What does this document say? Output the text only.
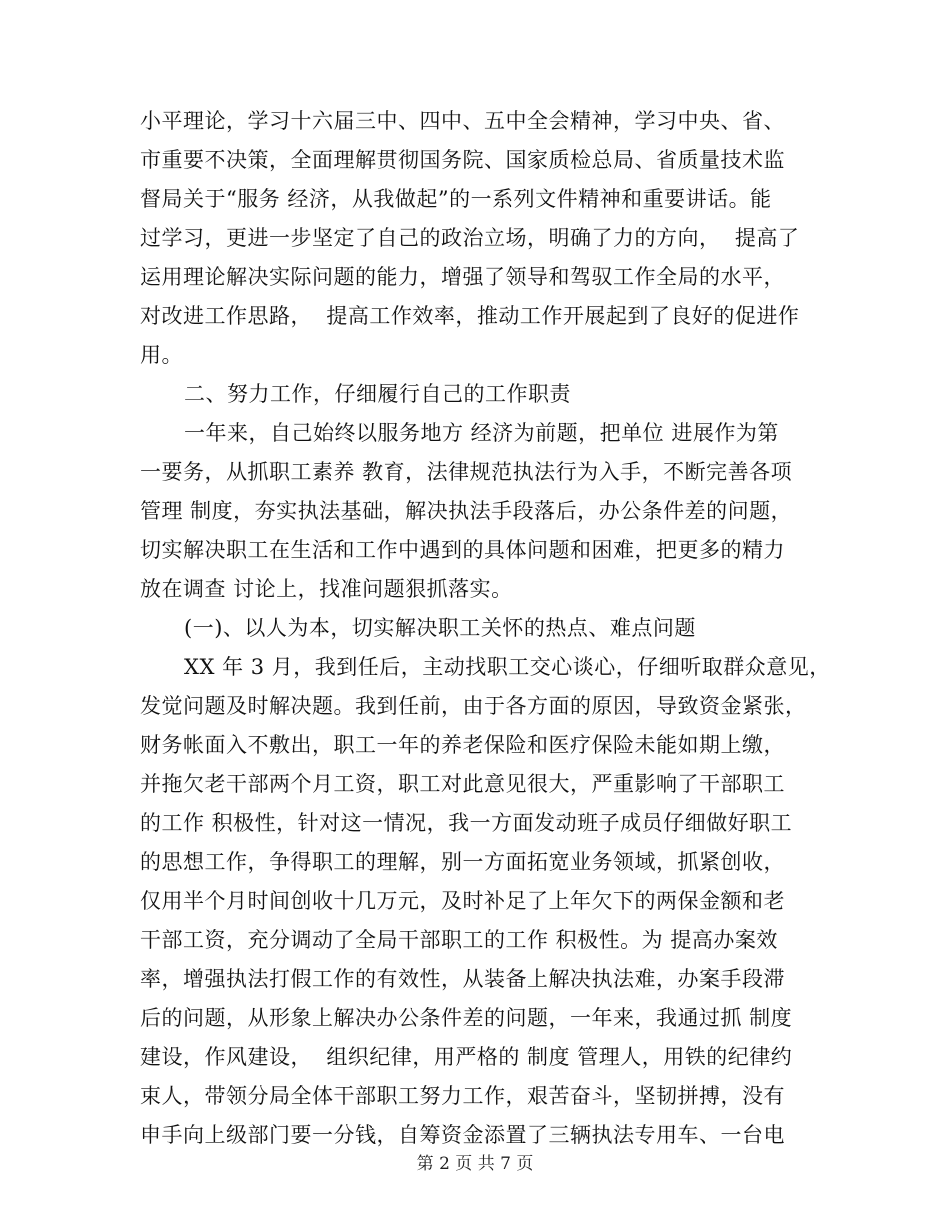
小平理论，学习十六届三中、四中、五中全会精神，学习中央、省、
市重要不决策，全面理解贯彻国务院、国家质检总局、省质量技术监
督局关于“服务 经济，从我做起”的一系列文件精神和重要讲话。能
过学习，更进一步坚定了自己的政治立场，明确了力的方向，  提高了
运用理论解决实际问题的能力，增强了领导和驾驭工作全局的水平，
对改进工作思路，  提高工作效率，推动工作开展起到了良好的促进作
用。
二、努力工作，仔细履行自己的工作职责
一年来，自己始终以服务地方 经济为前题，把单位 进展作为第
一要务，从抓职工素养 教育，法律规范执法行为入手，不断完善各项
管理 制度，夯实执法基础，解决执法手段落后，办公条件差的问题，
切实解决职工在生活和工作中遇到的具体问题和困难，把更多的精力
放在调查 讨论上，找准问题狠抓落实。
(一)、以人为本，切实解决职工关怀的热点、难点问题
XX 年 3 月，我到任后，主动找职工交心谈心，仔细听取群众意见，
发觉问题及时解决题。我到任前，由于各方面的原因，导致资金紧张，
财务帐面入不敷出，职工一年的养老保险和医疗保险未能如期上缴，
并拖欠老干部两个月工资，职工对此意见很大，严重影响了干部职工
的工作 积极性，针对这一情况，我一方面发动班子成员仔细做好职工
的思想工作，争得职工的理解，别一方面拓宽业务领域，抓紧创收，
仅用半个月时间创收十几万元，及时补足了上年欠下的两保金额和老
干部工资，充分调动了全局干部职工的工作 积极性。为 提高办案效
率，增强执法打假工作的有效性，从装备上解决执法难，办案手段滞
后的问题，从形象上解决办公条件差的问题，一年来，我通过抓 制度
建设，作风建设，  组织纪律，用严格的 制度 管理人，用铁的纪律约
束人，带领分局全体干部职工努力工作，艰苦奋斗，坚韧拼搏，没有
申手向上级部门要一分钱，自筹资金添置了三辆执法专用车、一台电
第 2 页 共 7 页
